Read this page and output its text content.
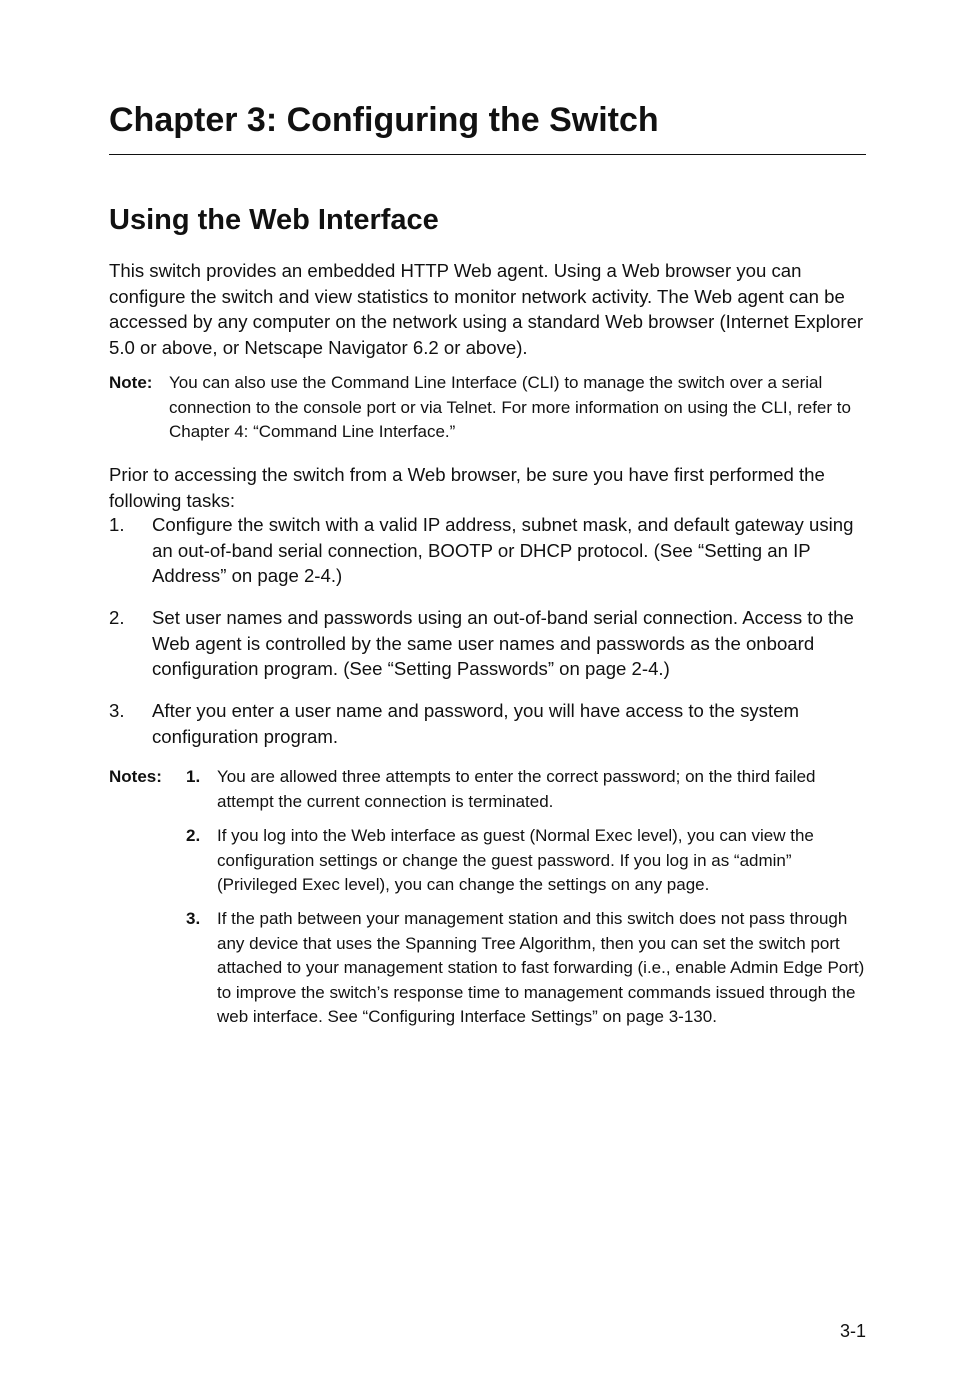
Chapter 3: Configuring the Switch
Using the Web Interface

This switch provides an embedded HTTP Web agent. Using a Web browser you can configure the switch and view statistics to monitor network activity. The Web agent can be accessed by any computer on the network using a standard Web browser (Internet Explorer 5.0 or above, or Netscape Navigator 6.2 or above).

Note: You can also use the Command Line Interface (CLI) to manage the switch over a serial connection to the console port or via Telnet. For more information on using the CLI, refer to Chapter 4: “Command Line Interface.”

Prior to accessing the switch from a Web browser, be sure you have first performed the following tasks:

1. Configure the switch with a valid IP address, subnet mask, and default gateway using an out-of-band serial connection, BOOTP or DHCP protocol. (See “Setting an IP Address” on page 2-4.)

2. Set user names and passwords using an out-of-band serial connection. Access to the Web agent is controlled by the same user names and passwords as the onboard configuration program. (See “Setting Passwords” on page 2-4.)

3. After you enter a user name and password, you will have access to the system configuration program.

Notes: 1. You are allowed three attempts to enter the correct password; on the third failed attempt the current connection is terminated.

2. If you log into the Web interface as guest (Normal Exec level), you can view the configuration settings or change the guest password. If you log in as “admin” (Privileged Exec level), you can change the settings on any page.

3. If the path between your management station and this switch does not pass through any device that uses the Spanning Tree Algorithm, then you can set the switch port attached to your management station to fast forwarding (i.e., enable Admin Edge Port) to improve the switch’s response time to management commands issued through the web interface. See “Configuring Interface Settings” on page 3-130.

3-1
